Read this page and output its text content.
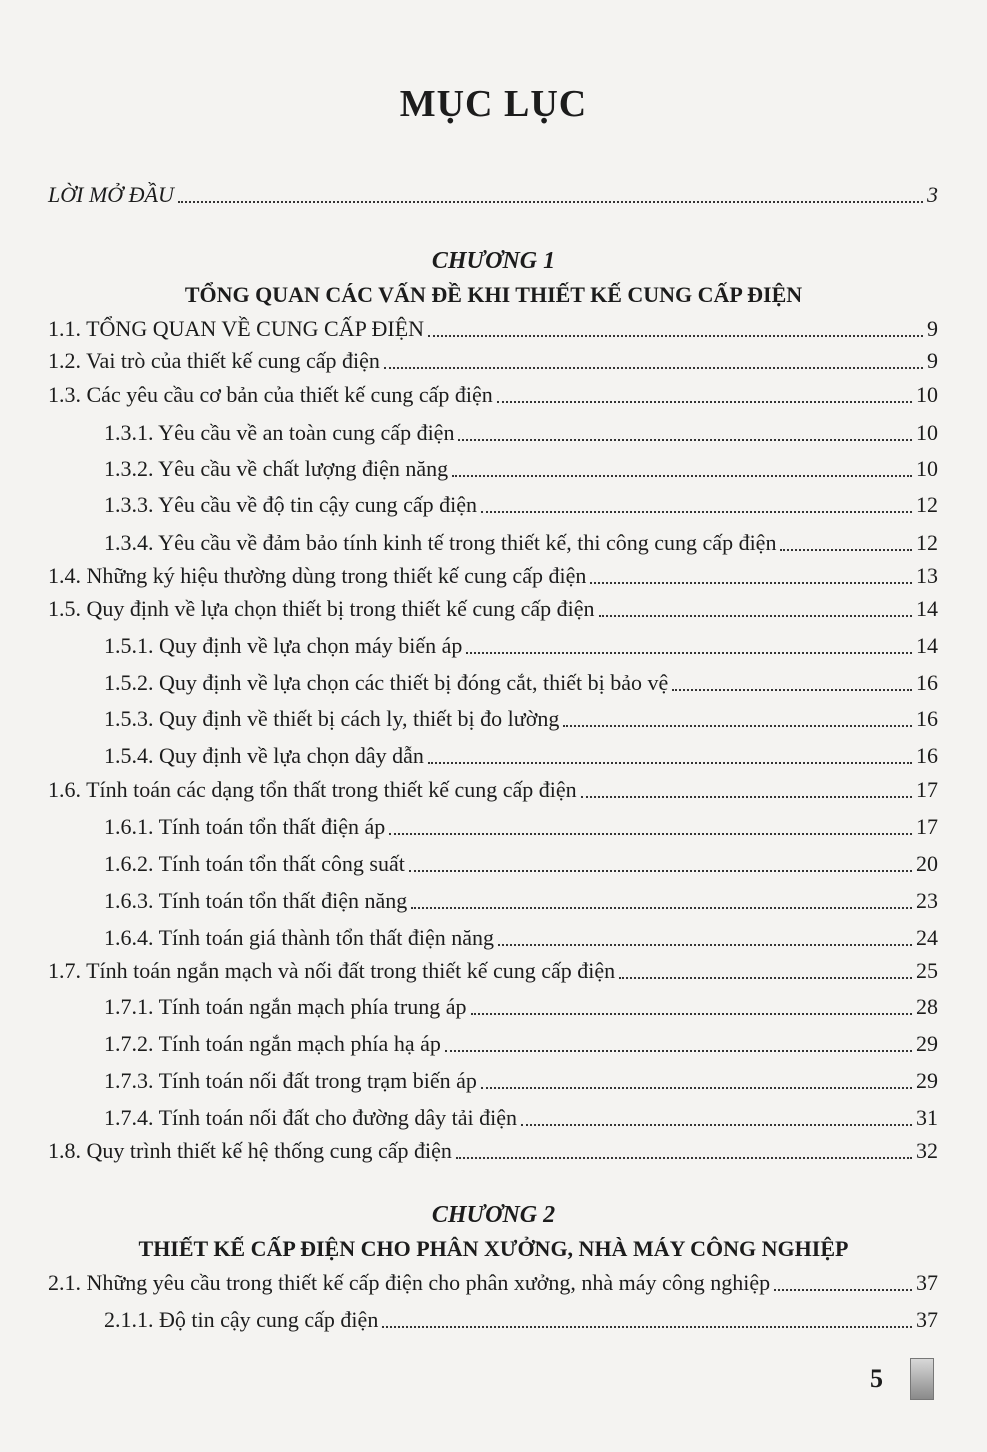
MỤC LỤC
LỜI MỞ ĐẦU	3
CHƯƠNG 1
TỔNG QUAN CÁC VẤN ĐỀ KHI THIẾT KẾ CUNG CẤP ĐIỆN
1.1. TỔNG QUAN VỀ CUNG CẤP ĐIỆN	9
1.2. Vai trò của thiết kế cung cấp điện	9
1.3. Các yêu cầu cơ bản của thiết kế cung cấp điện	10
1.3.1. Yêu cầu về an toàn cung cấp điện	10
1.3.2. Yêu cầu về chất lượng điện năng	10
1.3.3. Yêu cầu về độ tin cậy cung cấp điện	12
1.3.4. Yêu cầu về đảm bảo tính kinh tế trong thiết kế, thi công cung cấp điện	12
1.4. Những ký hiệu thường dùng trong thiết kế cung cấp điện	13
1.5. Quy định về lựa chọn thiết bị trong thiết kế cung cấp điện	14
1.5.1. Quy định về lựa chọn máy biến áp	14
1.5.2. Quy định về lựa chọn các thiết bị đóng cắt, thiết bị bảo vệ	16
1.5.3. Quy định về thiết bị cách ly, thiết bị đo lường	16
1.5.4. Quy định về lựa chọn dây dẫn	16
1.6. Tính toán các dạng tổn thất trong thiết kế cung cấp điện	17
1.6.1. Tính toán tổn thất điện áp	17
1.6.2. Tính toán tổn thất công suất	20
1.6.3. Tính toán tổn thất điện năng	23
1.6.4. Tính toán giá thành tổn thất điện năng	24
1.7. Tính toán ngắn mạch và nối đất trong thiết kế cung cấp điện	25
1.7.1. Tính toán ngắn mạch phía trung áp	28
1.7.2. Tính toán ngắn mạch phía hạ áp	29
1.7.3. Tính toán nối đất trong trạm biến áp	29
1.7.4. Tính toán nối đất cho đường dây tải điện	31
1.8. Quy trình thiết kế hệ thống cung cấp điện	32
CHƯƠNG 2
THIẾT KẾ CẤP ĐIỆN CHO PHÂN XƯỞNG, NHÀ MÁY CÔNG NGHIỆP
2.1. Những yêu cầu trong thiết kế cấp điện cho phân xưởng, nhà máy công nghiệp	37
2.1.1. Độ tin cậy cung cấp điện	37
5
